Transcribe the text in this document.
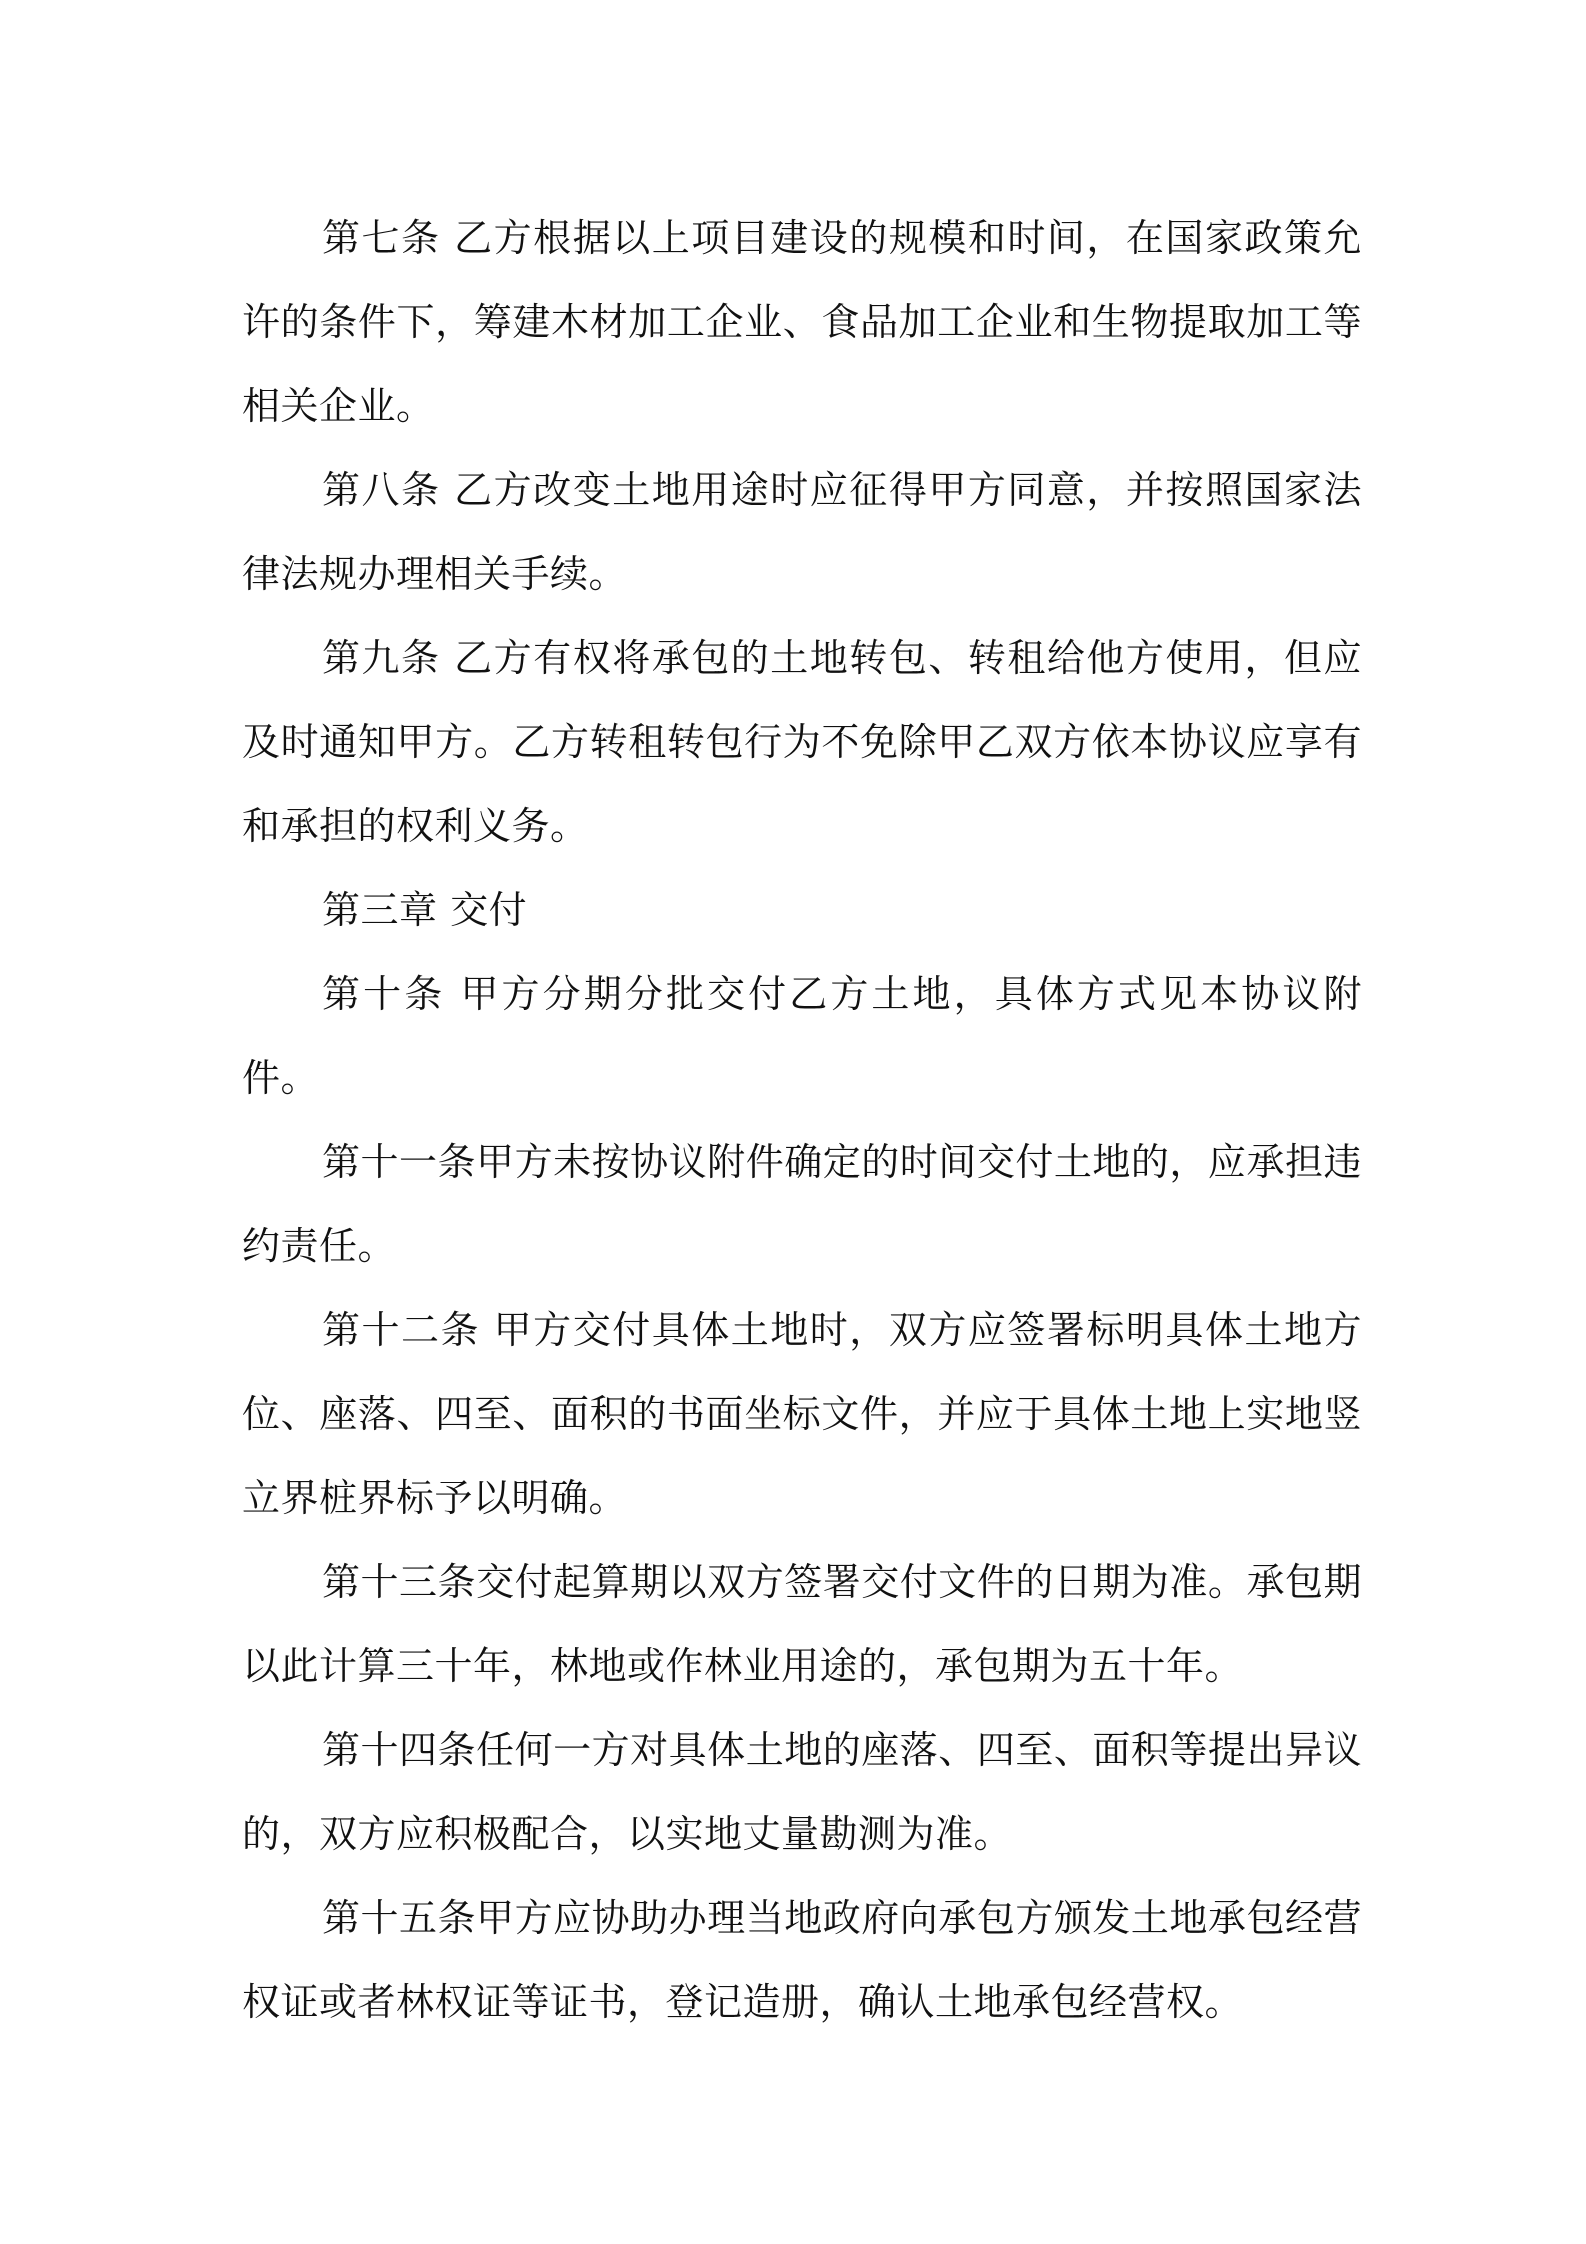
第七条 乙方根据以上项目建设的规模和时间，在国家政策允许的条件下，筹建木材加工企业、食品加工企业和生物提取加工等相关企业。

第八条 乙方改变土地用途时应征得甲方同意，并按照国家法律法规办理相关手续。

第九条 乙方有权将承包的土地转包、转租给他方使用，但应及时通知甲方。乙方转租转包行为不免除甲乙双方依本协议应享有和承担的权利义务。

第三章 交付

第十条 甲方分期分批交付乙方土地，具体方式见本协议附件。

第十一条甲方未按协议附件确定的时间交付土地的，应承担违约责任。

第十二条 甲方交付具体土地时，双方应签署标明具体土地方位、座落、四至、面积的书面坐标文件，并应于具体土地上实地竖立界桩界标予以明确。

第十三条交付起算期以双方签署交付文件的日期为准。承包期以此计算三十年，林地或作林业用途的，承包期为五十年。

第十四条任何一方对具体土地的座落、四至、面积等提出异议的，双方应积极配合，以实地丈量勘测为准。

第十五条甲方应协助办理当地政府向承包方颁发土地承包经营权证或者林权证等证书，登记造册，确认土地承包经营权。
